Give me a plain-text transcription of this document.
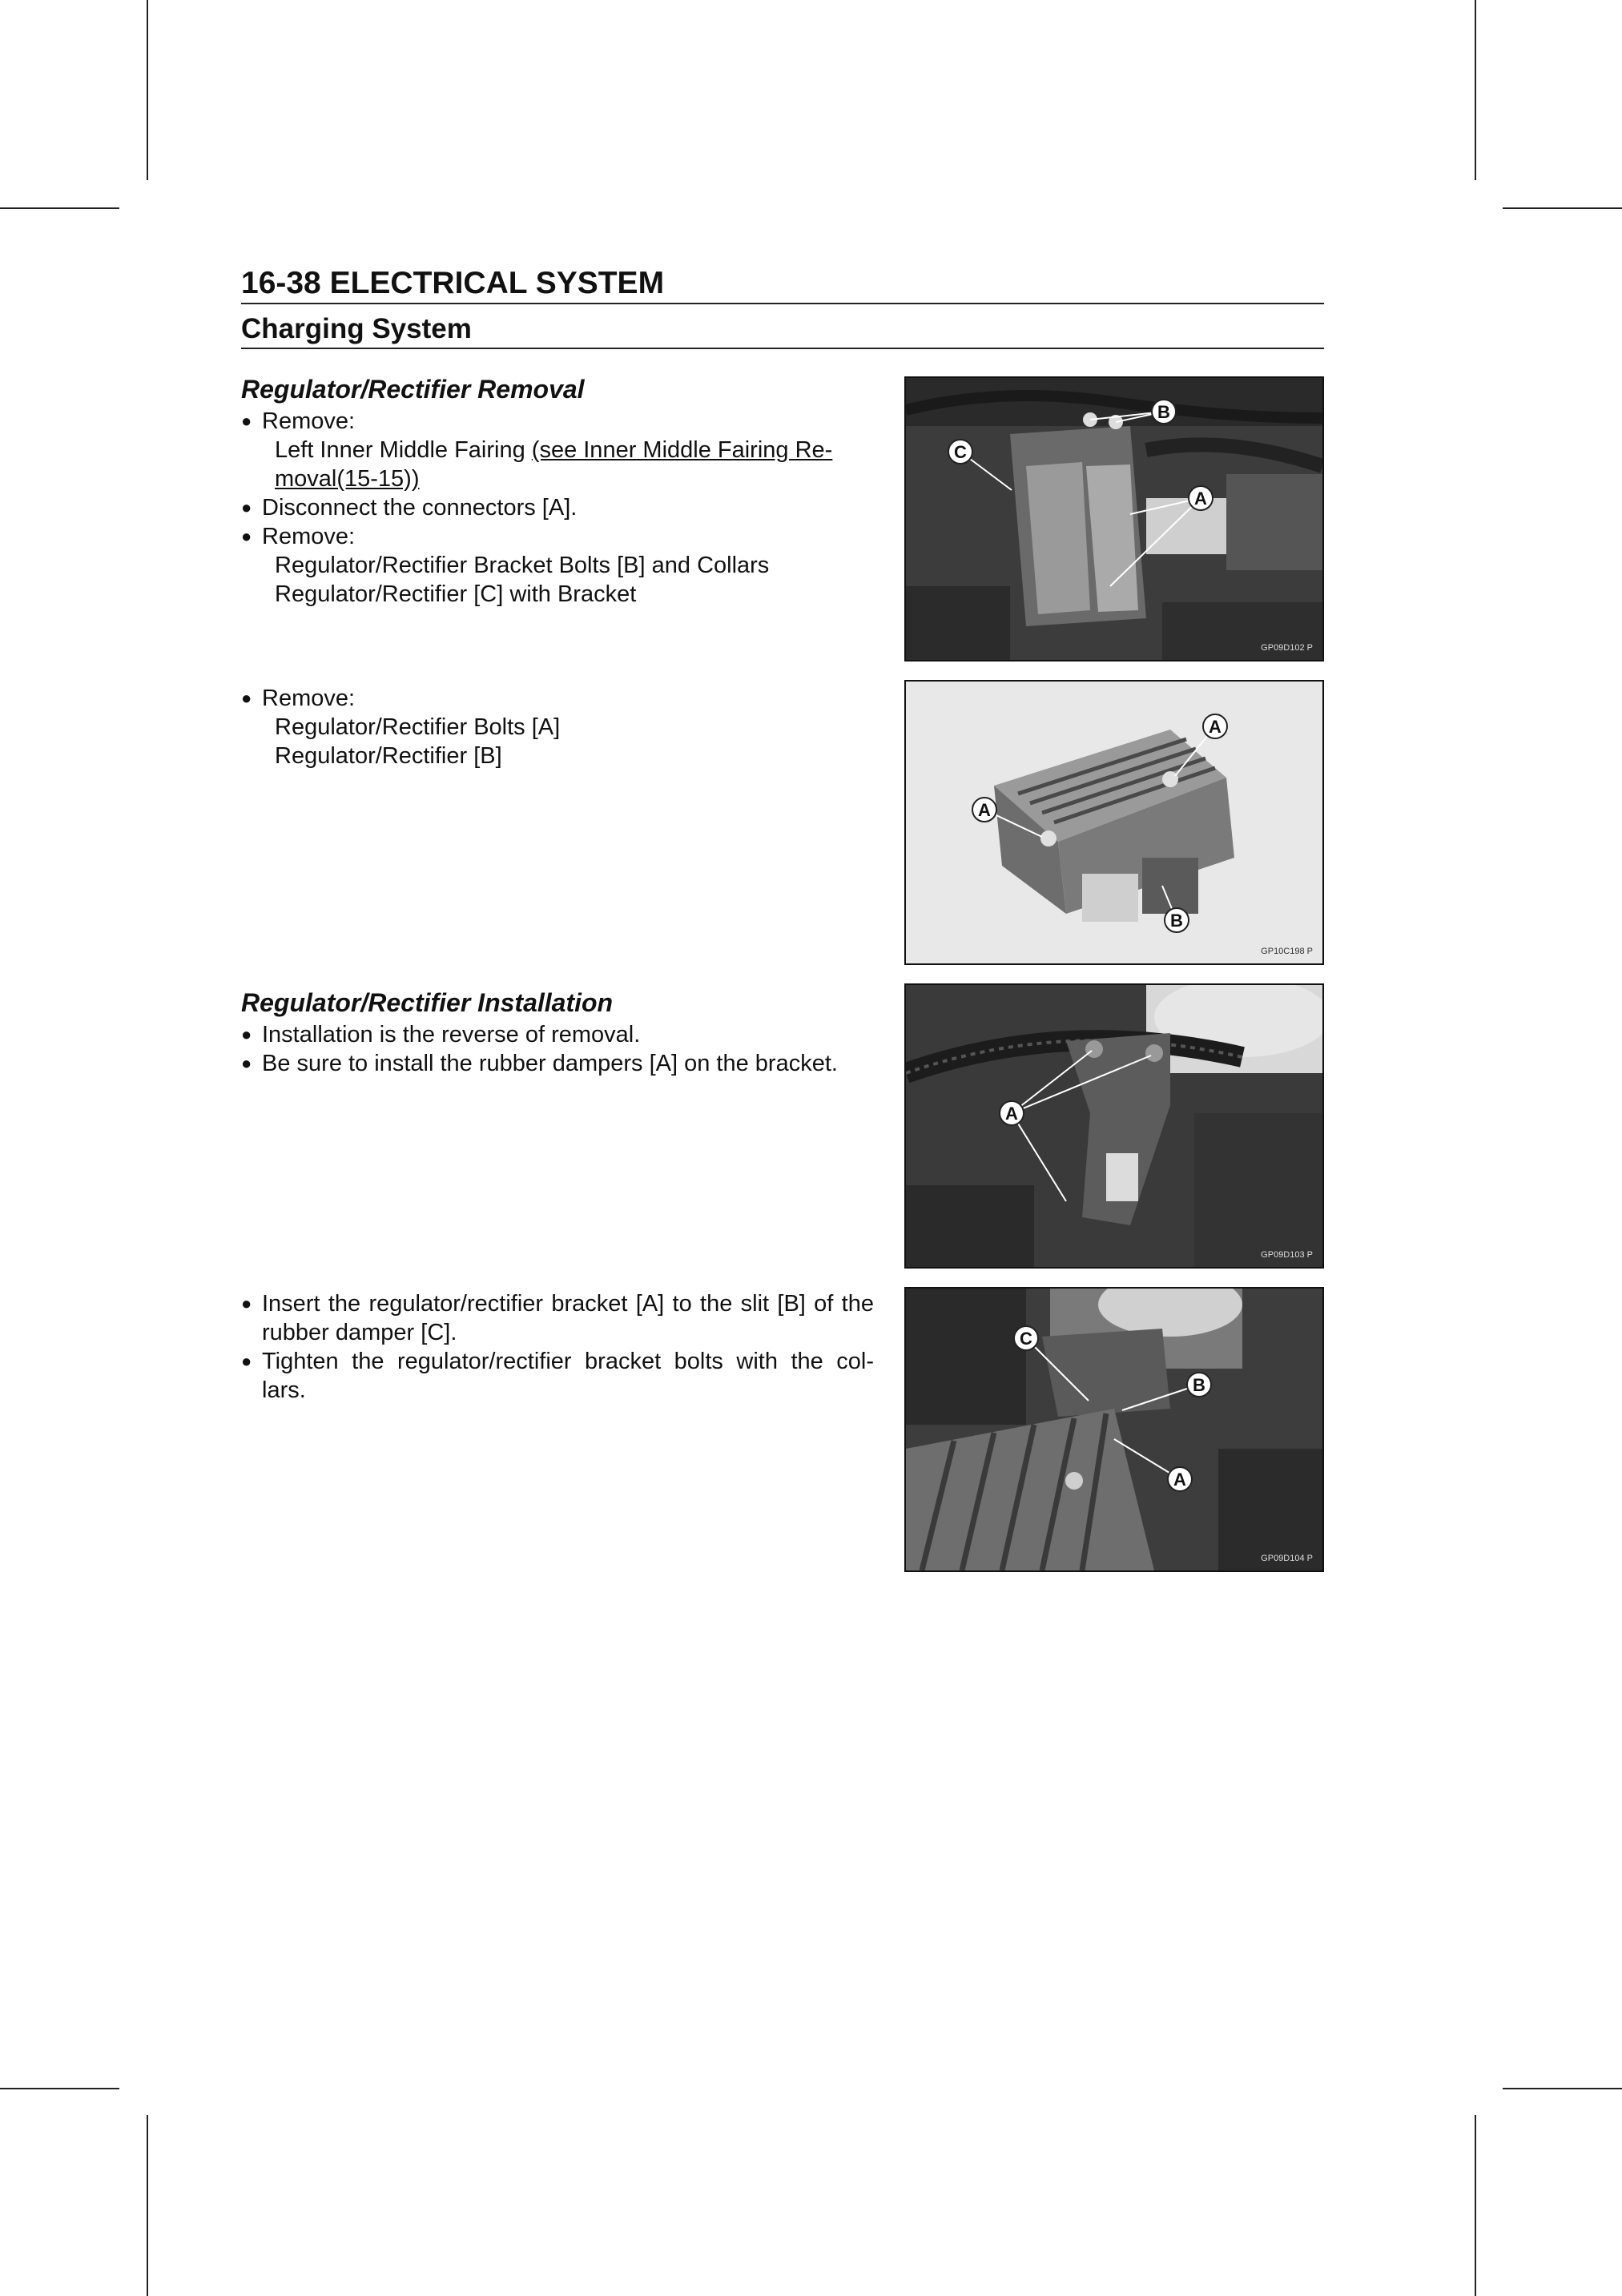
16-38 ELECTRICAL SYSTEM
Charging System
Regulator/Rectifier Removal

● Remove:

Left Inner Middle Fairing (see Inner Middle Fairing Re-

moval(15-15))

● Disconnect the connectors [A].

● Remove:

Regulator/Rectifier Bracket Bolts [B] and Collars

Regulator/Rectifier [C] with Bracket

● Remove:

Regulator/Rectifier Bolts [A]

Regulator/Rectifier [B]

Regulator/Rectifier Installation

● Installation is the reverse of removal.

● Be sure to install the rubber dampers [A] on the bracket.

● Insert the regulator/rectifier bracket [A] to the slit [B] of the

rubber damper [C].

● Tighten the regulator/rectifier bracket bolts with the col-

lars.

B
C
A
GP09D102 P
A
A
B
GP10C198 P
A
GP09D103 P
C
B
A
GP09D104 P
